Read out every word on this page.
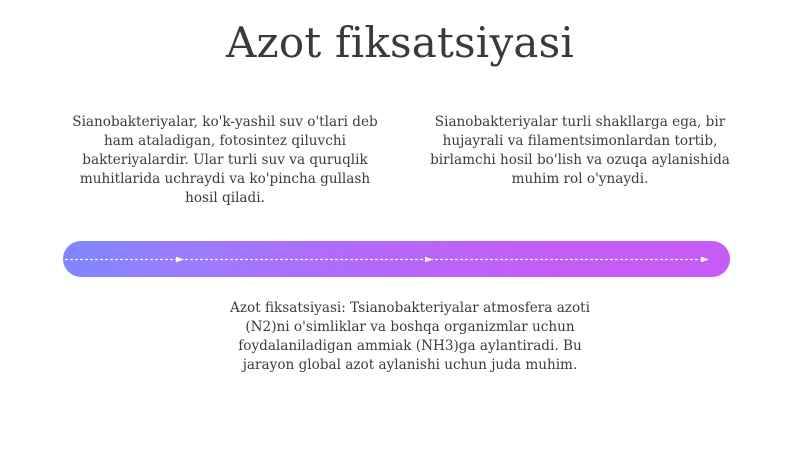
Azot fiksatsiyasi

Sianobakteriyalar, ko'k-yashil suv o'tlari deb ham ataladigan, fotosintez qiluvchi bakteriyalardir. Ular turli suv va quruqlik muhitlarida uchraydi va ko'pincha gullash hosil qiladi.

Sianobakteriyalar turli shakllarga ega, bir hujayrali va filamentsimonlardan tortib, birlamchi hosil bo'lish va ozuqa aylanishida muhim rol o'ynaydi.

Azot fiksatsiyasi: Tsianobakteriyalar atmosfera azoti (N2)ni o'simliklar va boshqa organizmlar uchun foydalaniladigan ammiak (NH3)ga aylantiradi. Bu jarayon global azot aylanishi uchun juda muhim.
